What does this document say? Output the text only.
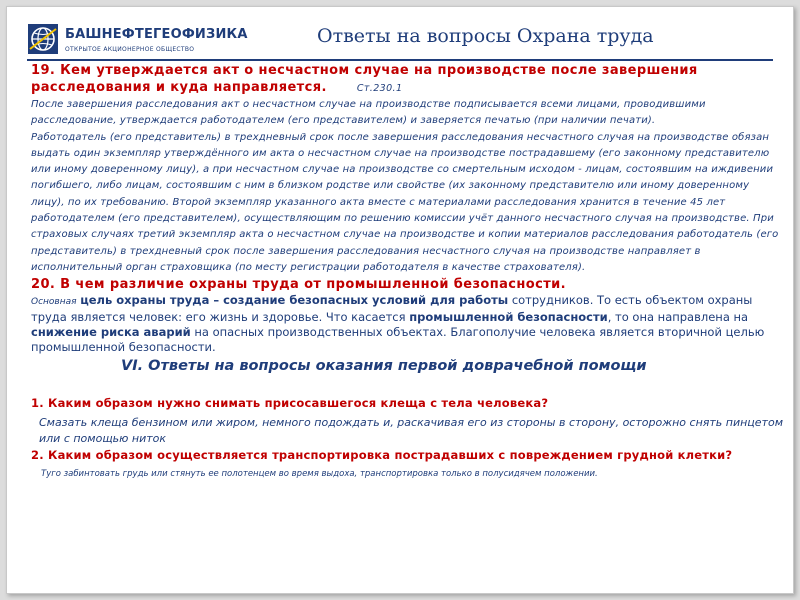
БАШНЕФТЕГЕОФИЗИКА
ОТКРЫТОЕ АКЦИОНЕРНОЕ ОБЩЕСТВО
Ответы на вопросы Охрана труда
19. Кем утверждается акт о несчастном случае на производстве после завершения расследования и куда направляется.	Ст.230.1

После завершения расследования акт о несчастном случае на производстве подписывается всеми лицами, проводившими расследование, утверждается работодателем (его представителем) и заверяется печатью (при наличии печати).

Работодатель (его представитель) в трехдневный срок после завершения расследования несчастного случая на производстве обязан выдать один экземпляр утверждённого им акта о несчастном случае на производстве пострадавшему (его законному представителю или иному доверенному лицу), а при несчастном случае на производстве со смертельным исходом - лицам, состоявшим на иждивении погибшего, либо лицам, состоявшим с ним в близком родстве или свойстве (их законному представителю или иному доверенному лицу), по их требованию. Второй экземпляр указанного акта вместе с материалами расследования хранится в течение 45 лет работодателем (его представителем), осуществляющим по решению комиссии учёт данного несчастного случая на производстве. При страховых случаях третий экземпляр акта о несчастном случае на производстве и копии материалов расследования работодатель (его представитель) в трехдневный срок после завершения расследования несчастного случая на производстве направляет в исполнительный орган страховщика (по месту регистрации работодателя в качестве страхователя).

20. В чем различие охраны труда от промышленной безопасности.

Основная цель охраны труда – создание безопасных условий для работы сотрудников. То есть объектом охраны труда является человек: его жизнь и здоровье. Что касается промышленной безопасности, то она направлена на снижение риска аварий на опасных производственных объектах. Благополучие человека является вторичной целью промышленной безопасности.

VI. Ответы на вопросы оказания первой доврачебной помощи
1. Каким образом нужно снимать присосавшегося клеща с тела человека?
Смазать клеща бензином или жиром, немного подождать и, раскачивая его из стороны в сторону, осторожно снять пинцетом или с помощью ниток
2. Каким образом осуществляется транспортировка пострадавших с повреждением грудной клетки?
Туго забинтовать грудь или стянуть ее полотенцем во время выдоха, транспортировка только в полусидячем положении.
